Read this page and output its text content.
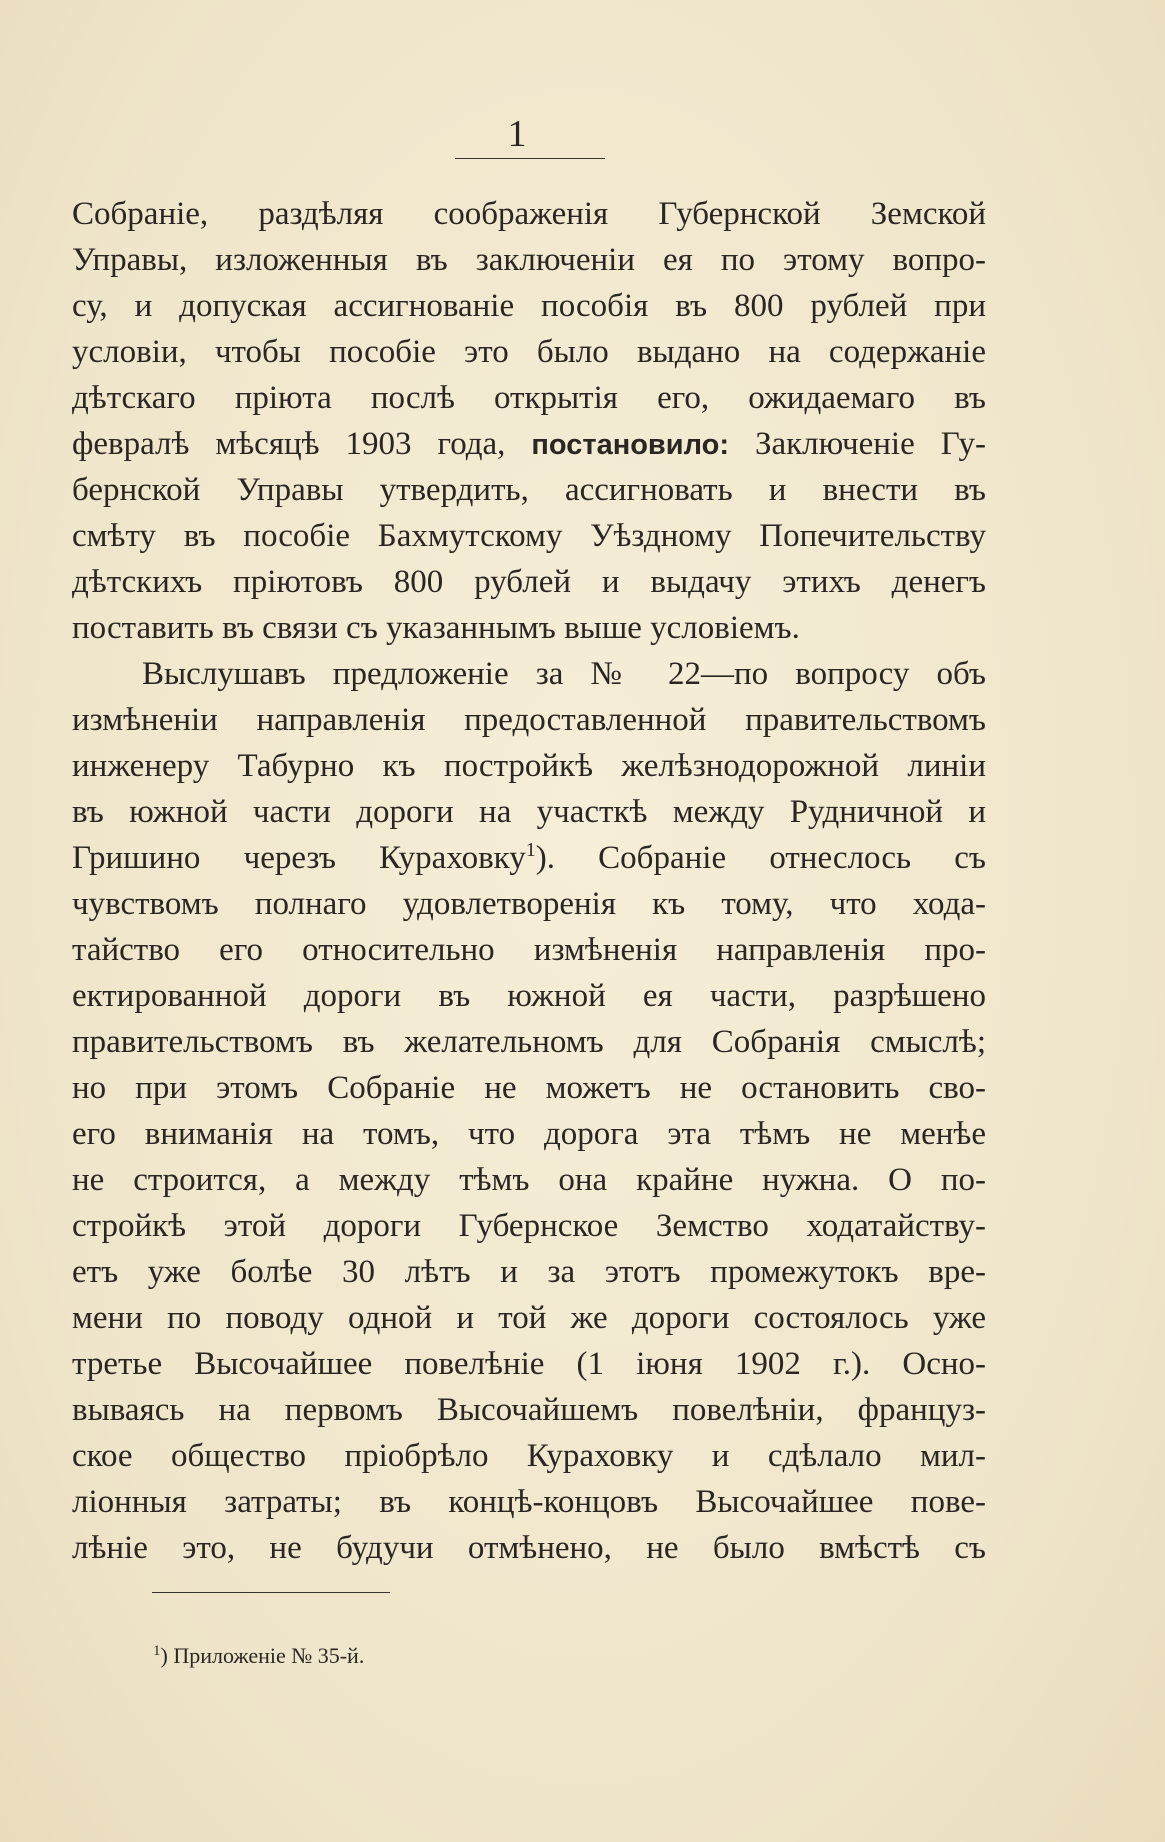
1
Собраніе, раздѣляя соображенія Губернской Земской
Управы, изложенныя въ заключеніи ея по этому вопро-
су, и допуская ассигнованіе пособія въ 800 рублей при
условіи, чтобы пособіе это было выдано на содержаніе
дѣтскаго пріюта послѣ открытія его, ожидаемаго въ
февралѣ мѣсяцѣ 1903 года, постановило: Заключеніе Гу-
бернской Управы утвердить, ассигновать и внести въ
смѣту въ пособіе Бахмутскому Уѣздному Попечительству
дѣтскихъ пріютовъ 800 рублей и выдачу этихъ денегъ
поставить въ связи съ указаннымъ выше условіемъ.
Выслушавъ предложеніе за № 22—по вопросу объ
измѣненіи направленія предоставленной правительствомъ
инженеру Табурно къ постройкѣ желѣзнодорожной линіи
въ южной части дороги на участкѣ между Рудничной и
Гришино черезъ Кураховку$^1$). Собраніе отнеслось съ
чувствомъ полнаго удовлетворенія къ тому, что хода-
тайство его относительно измѣненія направленія про-
ектированной дороги въ южной ея части, разрѣшено
правительствомъ въ желательномъ для Собранія смыслѣ;
но при этомъ Собраніе не можетъ не остановить сво-
его вниманія на томъ, что дорога эта тѣмъ не менѣе
не строится, а между тѣмъ она крайне нужна. О по-
стройкѣ этой дороги Губернское Земство ходатайству-
етъ уже болѣе 30 лѣтъ и за этотъ промежутокъ вре-
мени по поводу одной и той же дороги состоялось уже
третье Высочайшее повелѣніе (1 іюня 1902 г.). Осно-
вываясь на первомъ Высочайшемъ повелѣніи, француз-
ское общество пріобрѣло Кураховку и сдѣлало мил-
ліонныя затраты; въ концѣ-концовъ Высочайшее пове-
лѣніе это, не будучи отмѣнено, не было вмѣстѣ съ
$^1$) Приложеніе № 35-й.
